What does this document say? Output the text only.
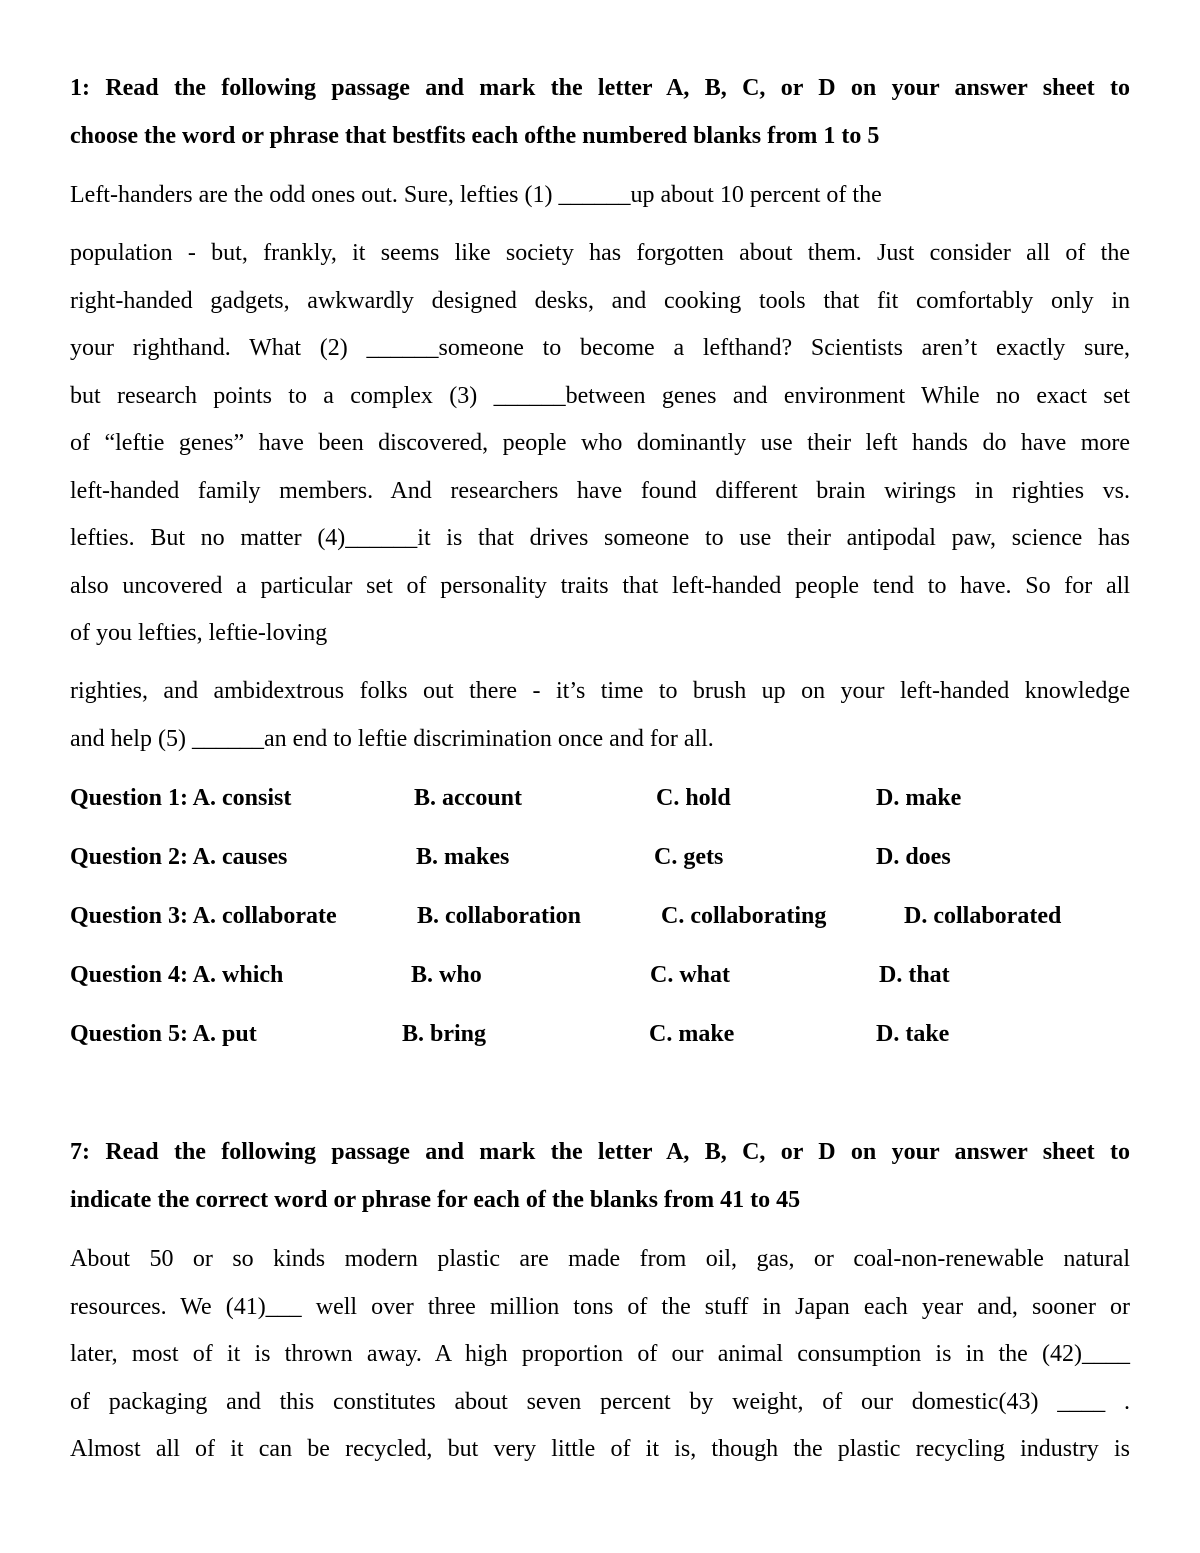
1: Read the following passage and mark the letter A, B, C, or D on your answer sheet to
choose the word or phrase that bestfits each ofthe numbered blanks from 1 to 5
Left-handers are the odd ones out. Sure, lefties (1) ______up about 10 percent of the
population - but, frankly, it seems like society has forgotten about them. Just consider all of the
right-handed gadgets, awkwardly designed desks, and cooking tools that fit comfortably only in
your righthand. What (2) ______someone to become a lefthand? Scientists aren’t exactly sure,
but research points to a complex (3) ______between genes and environment While no exact set
of “leftie genes” have been discovered, people who dominantly use their left hands do have more
left-handed family members. And researchers have found different brain wirings in righties vs.
lefties. But no matter (4)______it is that drives someone to use their antipodal paw, science has
also uncovered a particular set of personality traits that left-handed people tend to have. So for all
of you lefties, leftie-loving
righties, and ambidextrous folks out there - it’s time to brush up on your left-handed knowledge
and help (5) ______an end to leftie discrimination once and for all.
Question 1: A. consist	B. account	C. hold	D. make
Question 2: A. causes	B. makes	C. gets	D. does
Question 3: A. collaborate	B. collaboration	C. collaborating	D. collaborated
Question 4: A. which	B. who	C. what	D. that
Question 5: A. put	B. bring	C. make	D. take
7: Read the following passage and mark the letter A, B, C, or D on your answer sheet to
indicate the correct word or phrase for each of the blanks from 41 to 45
About 50 or so kinds modern plastic are made from oil, gas, or coal-non-renewable natural
resources. We (41)___ well over three million tons of the stuff in Japan each year and, sooner or
later, most of it is thrown away. A high proportion of our animal consumption is in the (42)____
of packaging and this constitutes about seven percent by weight, of our domestic(43) ____ .
Almost all of it can be recycled, but very little of it is, though the plastic recycling industry is
